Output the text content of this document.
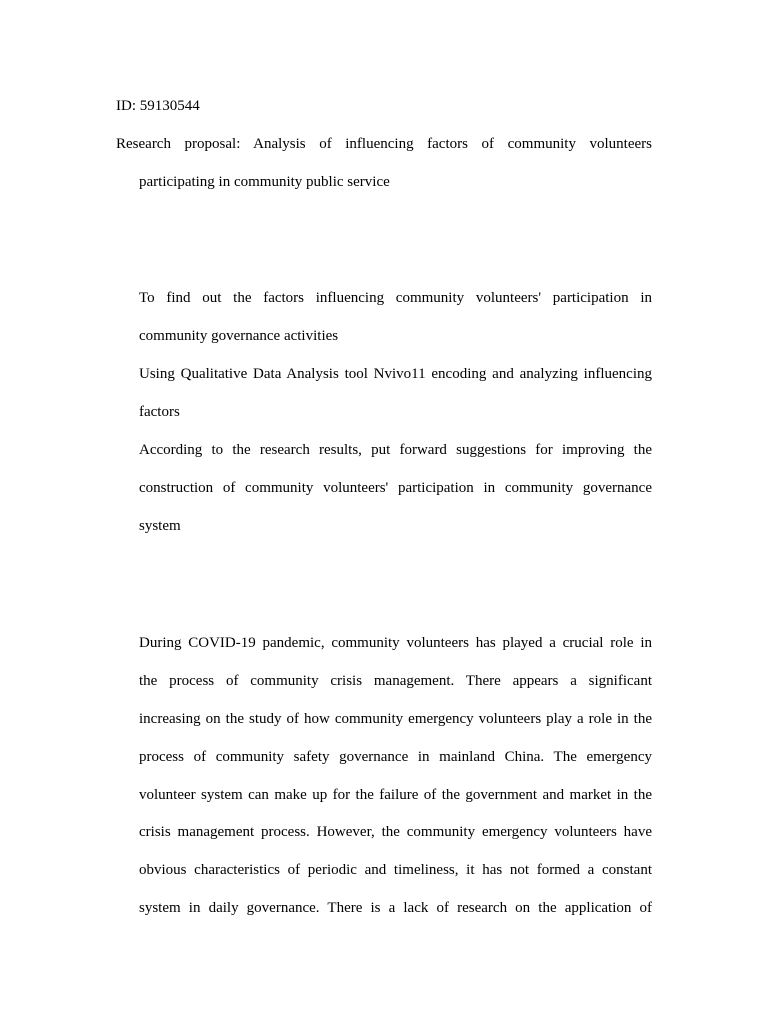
ID: 59130544
Research proposal: Analysis of influencing factors of community volunteers
participating in community public service
To find out the factors influencing community volunteers' participation in
community governance activities
Using Qualitative Data Analysis tool Nvivo11 encoding and analyzing influencing
factors
According to the research results, put forward suggestions for improving the
construction of community volunteers' participation in community governance
system
During COVID-19 pandemic, community volunteers has played a crucial role in
the process of community crisis management. There appears a significant
increasing on the study of how community emergency volunteers play a role in the
process of community safety governance in mainland China. The emergency
volunteer system can make up for the failure of the government and market in the
crisis management process. However, the community emergency volunteers have
obvious characteristics of periodic and timeliness, it has not formed a constant
system in daily governance. There is a lack of research on the application of
